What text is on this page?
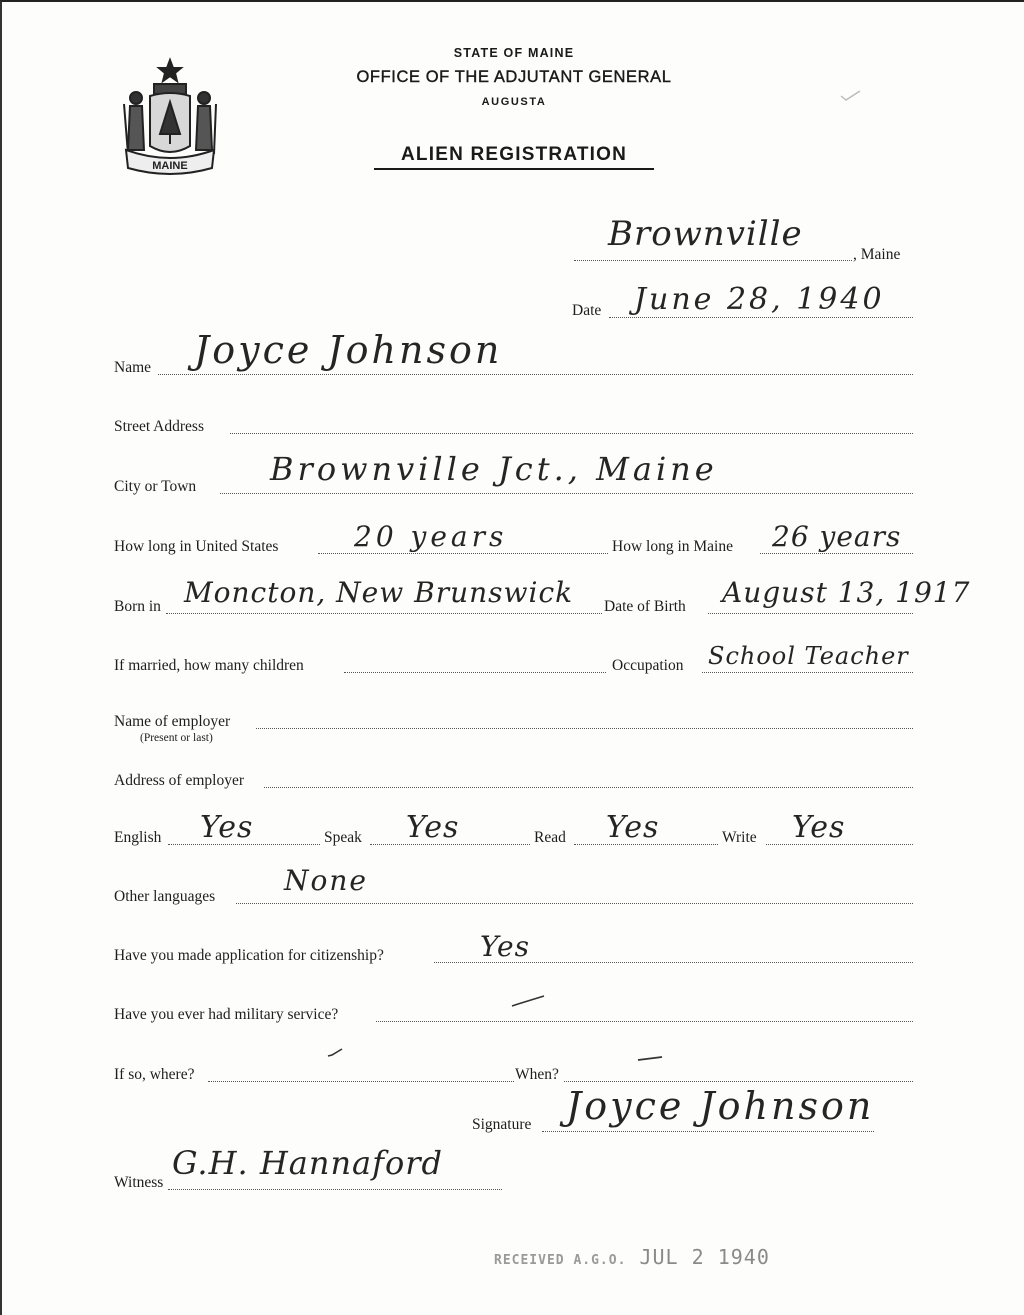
MAINE
STATE OF MAINE
OFFICE OF THE ADJUTANT GENERAL
AUGUSTA
ALIEN REGISTRATION
Brownville
, Maine
Date June 28, 1940
Name Joyce Johnson
Street Address
City or Town Brownville Jct., Maine
How long in United States	20 years	How long in Maine 26 years
Born in Moncton, New Brunswick Date of Birth August 13, 1917
If married, how many children	Occupation School Teacher
Name of employer
(Present or last)
Address of employer
English Yes	Speak Yes	Read Yes	Write Yes
Other languages None
Have you made application for citizenship?	Yes
Have you ever had military service?
If so, where?	When?
Signature Joyce Johnson
Witness
G.H. Hannaford
RECEIVED A.G.O. JUL 2 1940
